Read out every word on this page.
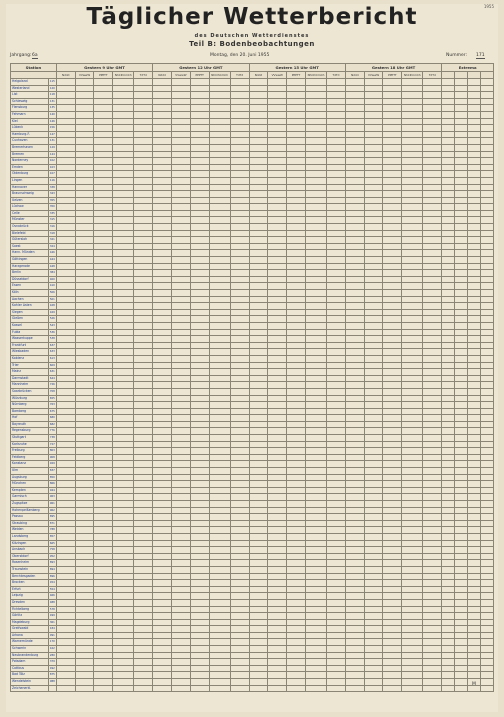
1955
Täglicher Wetterbericht
des Deutschen Wetterdienstes
Teil B: Bodenbeobachtungen
Jahrgang: 6a	Montag, den 20. Juni 1955	Nummer: 171
Station		Gestern 9 Uhr GMT					Gestern 12 Uhr GMT					Gestern 15 Uhr GMT					Gestern 18 Uhr GMT					Extrema			
		Nddd	VVwwW	PPPTT	NhClhCmCh	TdTd	Nddd	VVwwW	PPPTT	NhClhCmCh	TdTd	Nddd	VVwwW	PPPTT	NhClhCmCh	TdTd	Nddd	VVwwW	PPPTT	NhClhCmCh	TdTd				
Helgoland	115																								
Westerland	120																								
List	118																								
Schleswig	131																								
Flensburg	135																								
Fehmarn	140																								
Kiel	146																								
Lübeck	156																								
Hamburg-F.	147																								
Cuxhaven	131																								
Bremerhaven	129																								
Bremen	144																								
Norderney	102																								
Emden	103																								
Oldenburg	107																								
Lingen	116																								
Hannover	338																								
Braunschweig	343																								
Uelzen	355																								
Lüchow	350																								
Celle	335																								
Münster	315																								
Osnabrück	316																								
Bielefeld	318																								
Gütersloh	321																								
Soest	324																								
Hann. Münden	446																								
Göttingen	444																								
Harzgerode	448																								
Berlin	384																								
Düsseldorf	400																								
Essen	410																								
Köln	506																								
Aachen	501																								
Kahler Asten	428																								
Siegen	429																								
Gießen	526																								
Kassel	543																								
Fulda	536																								
Wasserkuppe	538																								
Frankfurt	637																								
Wiesbaden	633																								
Koblenz	613																								
Trier	609																								
Mainz	631																								
Darmstadt	644																								
Mannheim	726																								
Saarbrücken	708																								
Würzburg	655																								
Nürnberg	763																								
Bamberg	675																								
Hof	680																								
Bayreuth	682																								
Regensburg	776																								
Stuttgart	738																								
Karlsruhe	727																								
Freiburg	803																								
Feldberg	908																								
Konstanz	929																								
Ulm	837																								
Augsburg	850																								
München	866																								
Kempten	944																								
Garmisch	963																								
Zugspitze	961																								
Hohenpeißenberg	962																								
Passau	895																								
Straubing	871																								
Weiden	788																								
Landsberg	857																								
Kitzingen	665																								
Ansbach	758																								
Oberstdorf	952																								
Rosenheim	893																								
Traunstein	894																								
Berchtesgaden	896																								
Brocken	454																								
Erfurt	554																								
Leipzig	466																								
Dresden	488																								
Fichtelberg	578																								
Görlitz	499																								
Magdeburg	361																								
Greifswald	184																								
Arkona	091																								
Warnemünde	170																								
Schwerin	162																								
Neubrandenburg	280																								
Potsdam	379																								
Cottbus	492																								
Bad Tölz	875																								
Wendelstein	988																								
Zeichenerkl.																									
M
